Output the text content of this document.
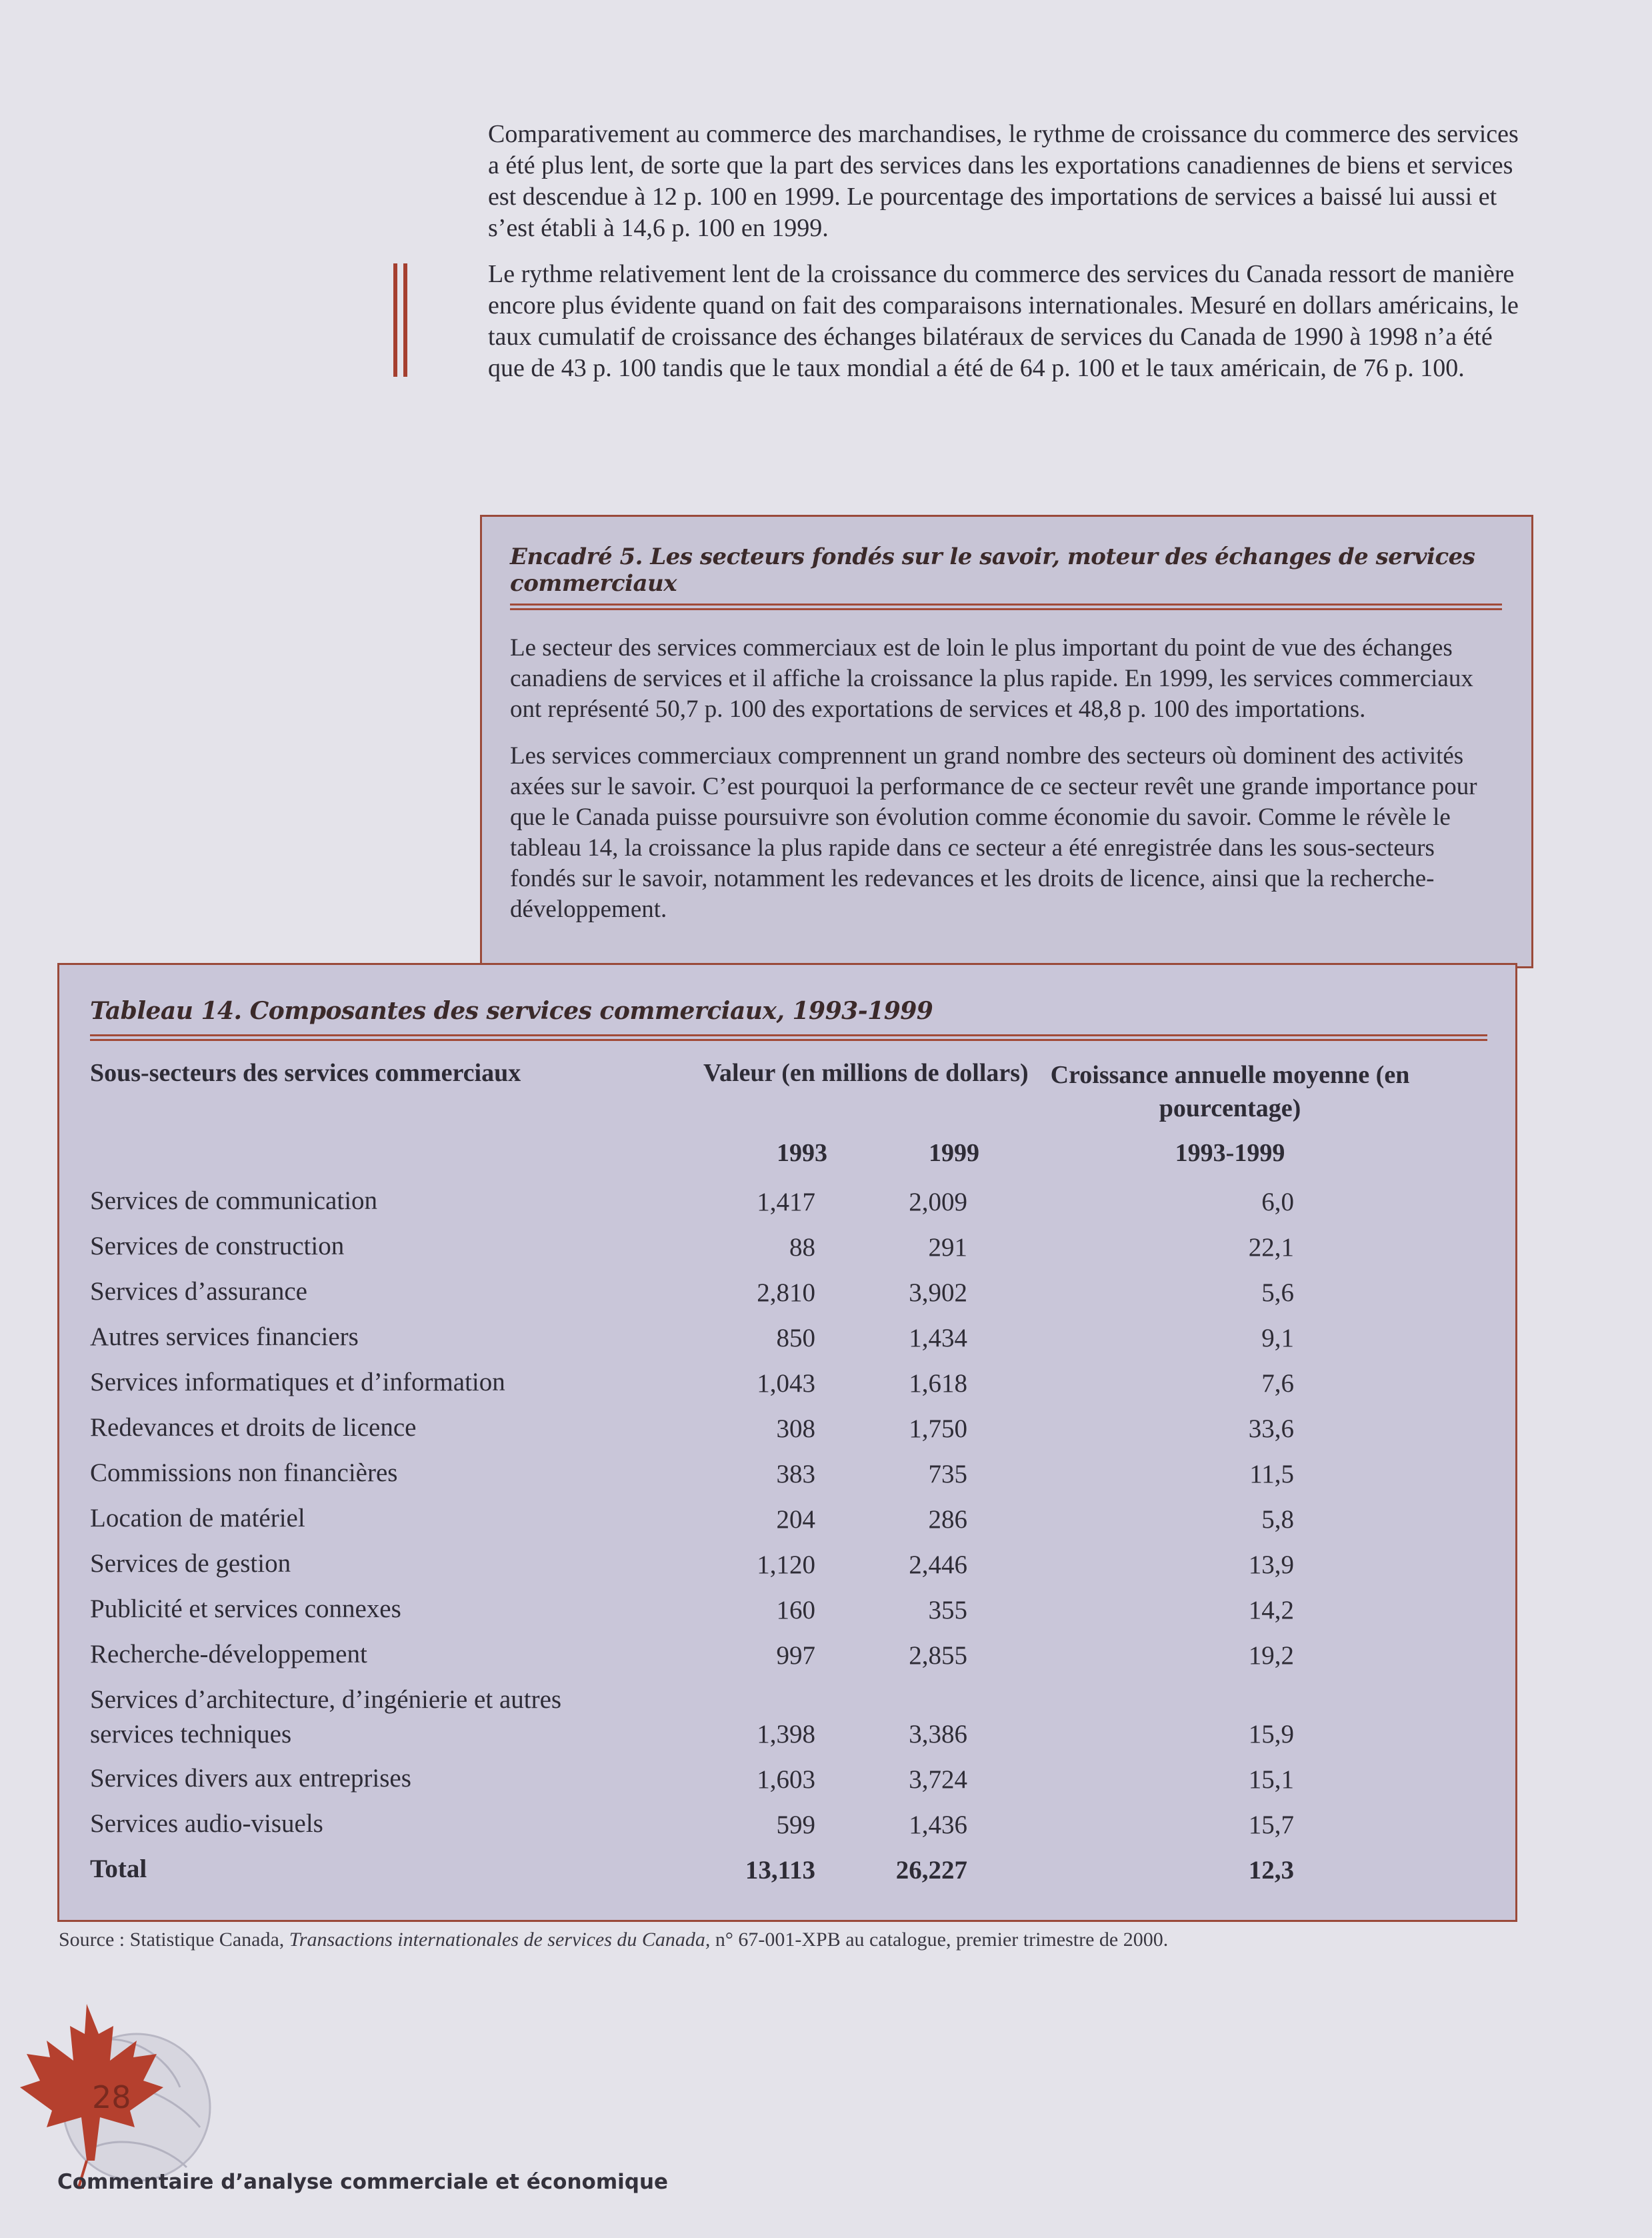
Comparativement au commerce des marchandises, le rythme de croissance du commerce des services a été plus lent, de sorte que la part des services dans les exportations canadiennes de biens et services est descendue à 12 p. 100 en 1999. Le pourcentage des importations de services a baissé lui aussi et s’est établi à 14,6 p. 100 en 1999.

Le rythme relativement lent de la croissance du commerce des services du Canada ressort de manière encore plus évidente quand on fait des comparaisons internationales. Mesuré en dollars américains, le taux cumulatif de croissance des échanges bilatéraux de services du Canada de 1990 à 1998 n’a été que de 43 p. 100 tandis que le taux mondial a été de 64 p. 100 et le taux américain, de 76 p. 100.

Encadré 5. Les secteurs fondés sur le savoir, moteur des échanges de services commerciaux

Le secteur des services commerciaux est de loin le plus important du point de vue des échanges canadiens de services et il affiche la croissance la plus rapide. En 1999, les services commerciaux ont représenté 50,7 p. 100 des exportations de services et 48,8 p. 100 des importations.

Les services commerciaux comprennent un grand nombre des secteurs où dominent des activités axées sur le savoir. C’est pourquoi la performance de ce secteur revêt une grande importance pour que le Canada puisse poursuivre son évolution comme économie du savoir. Comme le révèle le tableau 14, la croissance la plus rapide dans ce secteur a été enregistrée dans les sous-secteurs fondés sur le savoir, notamment les redevances et les droits de licence, ainsi que la recherche-développement.

Tableau 14. Composantes des services commerciaux, 1993-1999
Sous-secteurs des services commerciaux	Valeur (en millions de dollars) Croissance annuelle moyenne (en pourcentage)
1993	1999	1993-1999
Services de communication	1,417	2,009	6,0
Services de construction	88	291	22,1
Services d’assurance	2,810	3,902	5,6
Autres services financiers	850	1,434	9,1
Services informatiques et d’information	1,043	1,618	7,6
Redevances et droits de licence	308	1,750	33,6
Commissions non financières	383	735	11,5
Location de matériel	204	286	5,8
Services de gestion	1,120	2,446	13,9
Publicité et services connexes	160	355	14,2
Recherche-développement	997	2,855	19,2
Services d’architecture, d’ingénierie et autres services techniques	1,398	3,386	15,9
Services divers aux entreprises	1,603	3,724	15,1
Services audio-visuels	599	1,436	15,7
Total	13,113	26,227	12,3
Source : Statistique Canada, Transactions internationales de services du Canada, n° 67-001-XPB au catalogue, premier trimestre de 2000.
28
Commentaire d’analyse commerciale et économique
